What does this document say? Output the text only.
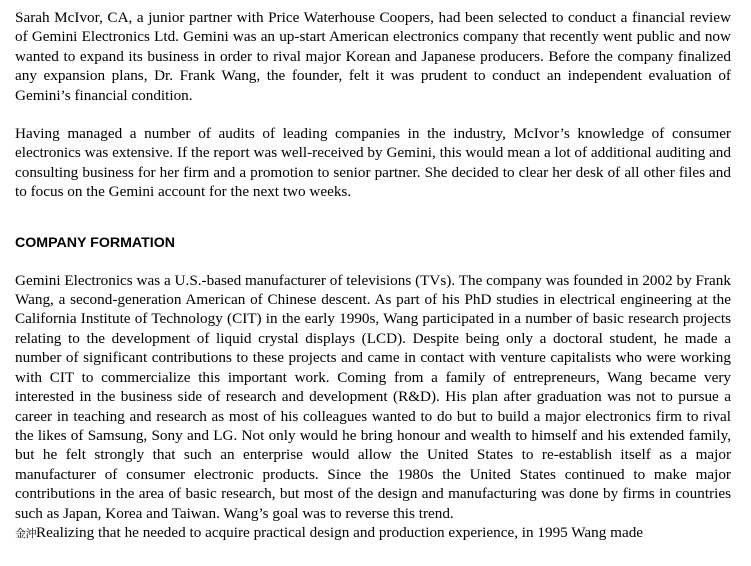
Sarah McIvor, CA, a junior partner with Price Waterhouse Coopers, had been selected to conduct a financial review of Gemini Electronics Ltd. Gemini was an up-start American electronics company that recently went public and now wanted to expand its business in order to rival major Korean and Japanese producers. Before the company finalized any expansion plans, Dr. Frank Wang, the founder, felt it was prudent to conduct an independent evaluation of Gemini’s financial condition.

Having managed a number of audits of leading companies in the industry, McIvor’s knowledge of consumer electronics was extensive. If the report was well-received by Gemini, this would mean a lot of additional auditing and consulting business for her firm and a promotion to senior partner. She decided to clear her desk of all other files and to focus on the Gemini account for the next two weeks.

COMPANY FORMATION

Gemini Electronics was a U.S.-based manufacturer of televisions (TVs). The company was founded in 2002 by Frank Wang, a second-generation American of Chinese descent. As part of his PhD studies in electrical engineering at the California Institute of Technology (CIT) in the early 1990s, Wang participated in a number of basic research projects relating to the development of liquid crystal displays (LCD). Despite being only a doctoral student, he made a number of significant contributions to these projects and came in contact with venture capitalists who were working with CIT to commercialize this important work. Coming from a family of entrepreneurs, Wang became very interested in the business side of research and development (R&D). His plan after graduation was not to pursue a career in teaching and research as most of his colleagues wanted to do but to build a major electronics firm to rival the likes of Samsung, Sony and LG. Not only would he bring honour and wealth to himself and his extended family, but he felt strongly that such an enterprise would allow the United States to re-establish itself as a major manufacturer of consumer electronic products. Since the 1980s the United States continued to make major contributions in the area of basic research, but most of the design and manufacturing was done by firms in countries such as Japan, Korea and Taiwan. Wang’s goal was to reverse this trend.

金沖Realizing that he needed to acquire practical design and production experience, in 1995 Wang made
